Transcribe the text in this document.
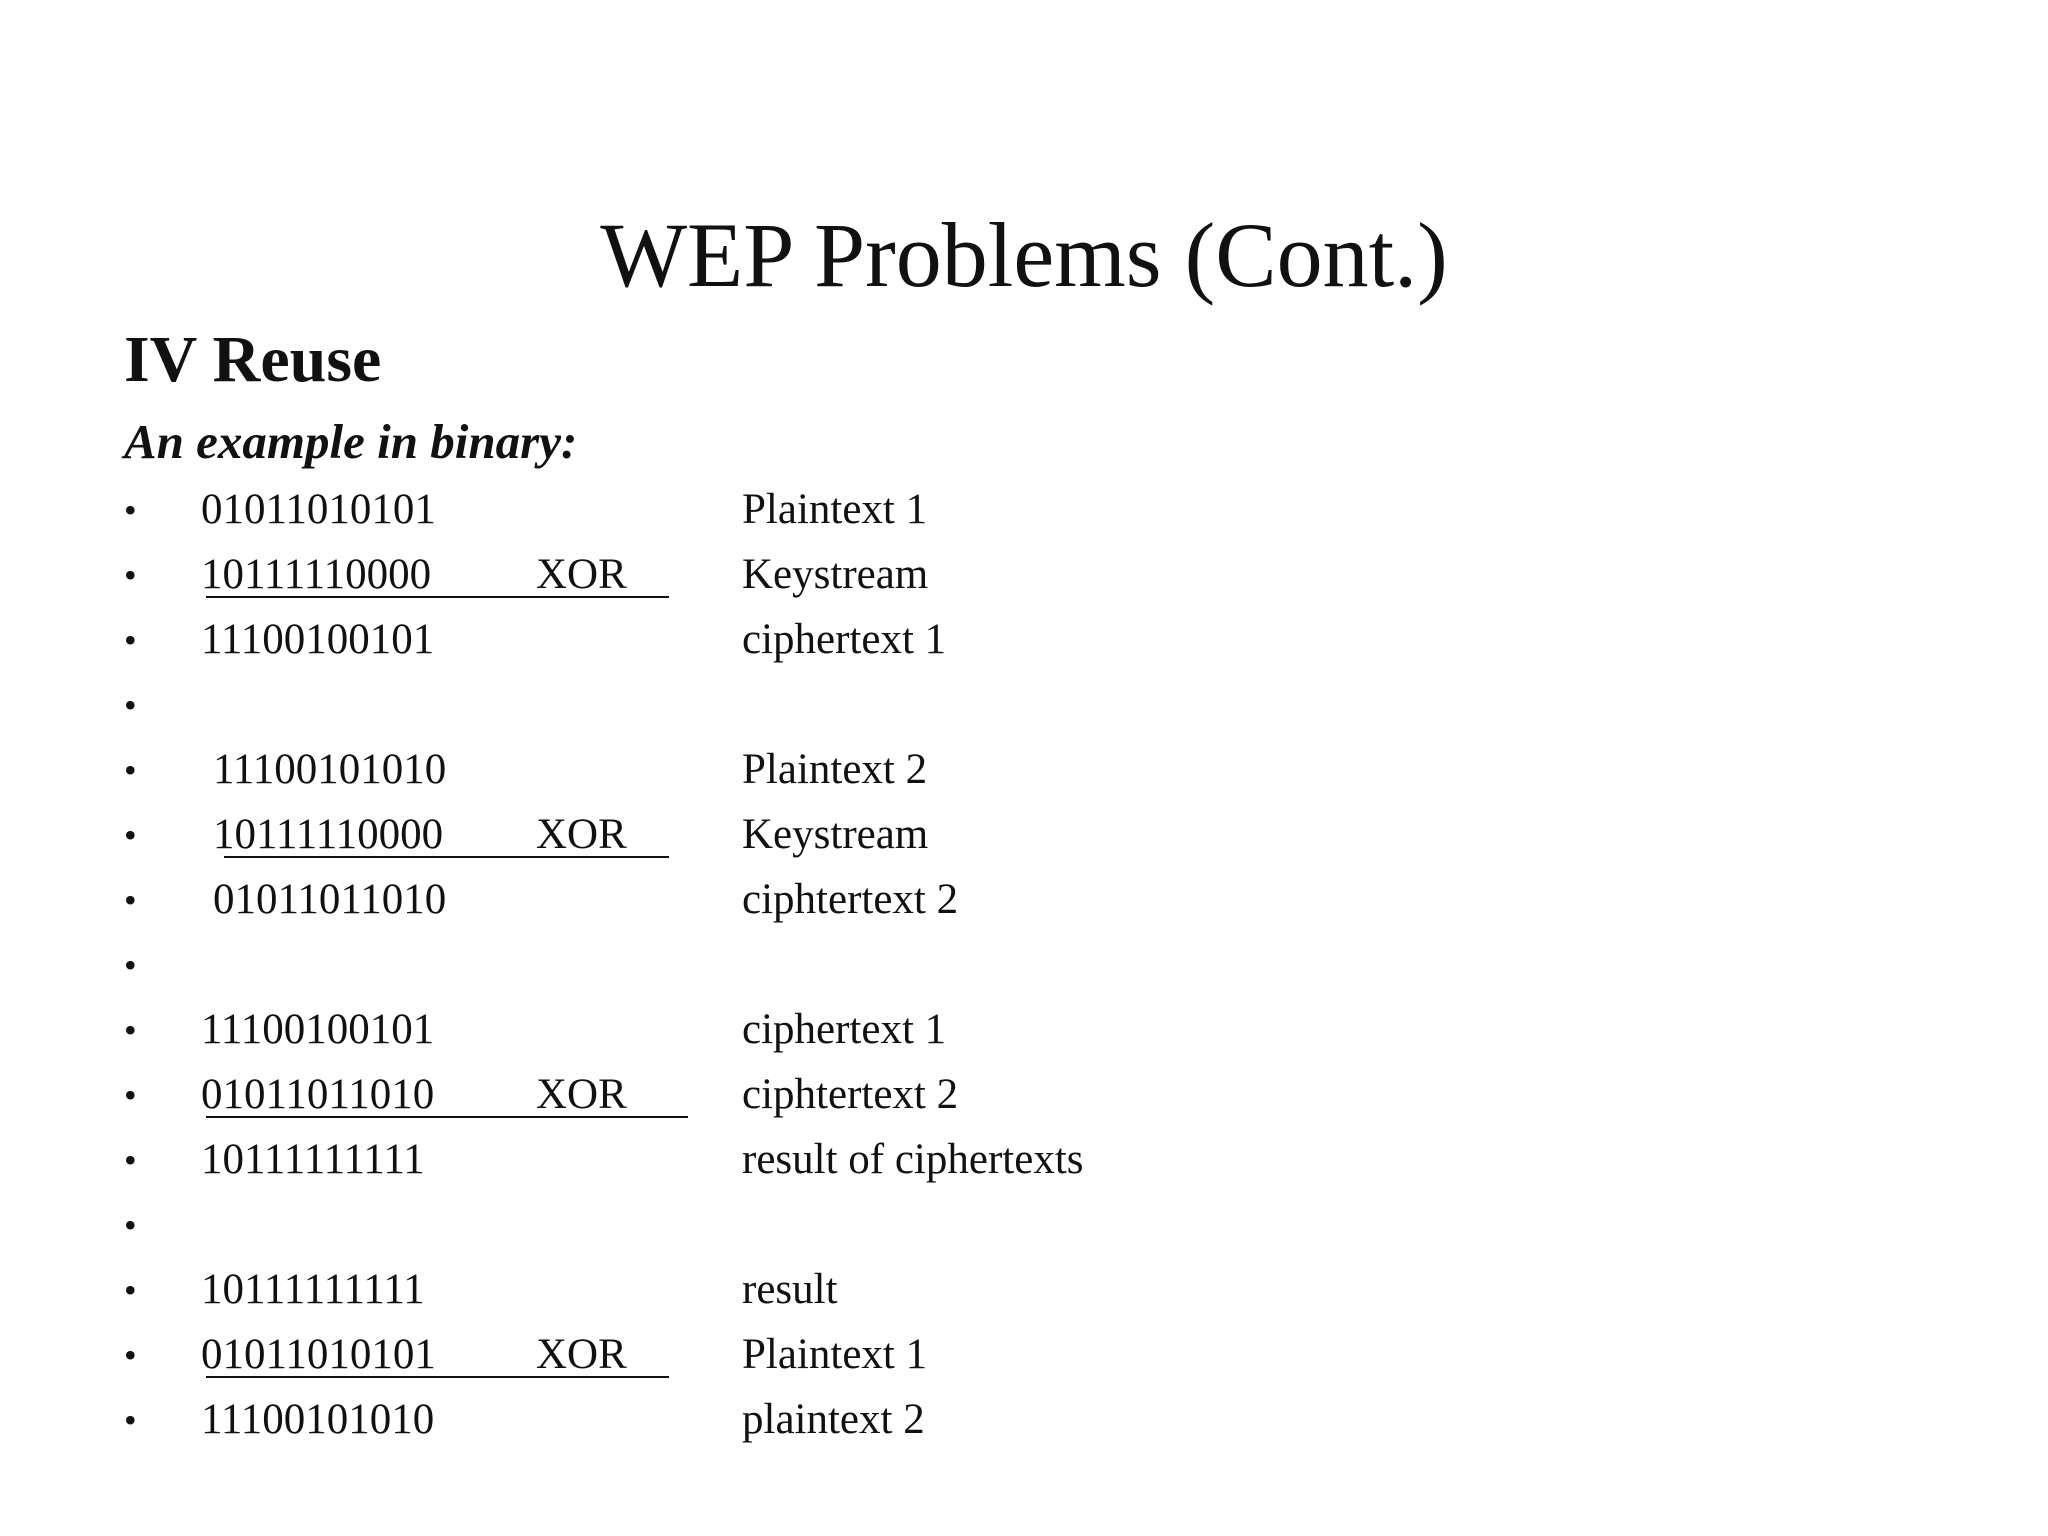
WEP Problems (Cont.)
IV Reuse
An example in binary:
• 01011010101	Plaintext 1
• 10111110000 XOR	Keystream
• 11100100101	ciphertext 1
•
• 11100101010	Plaintext 2
• 10111110000 XOR	Keystream
• 01011011010	ciphtertext 2
•
• 11100100101	ciphertext 1
• 01011011010 XOR	ciphtertext 2
• 10111111111	result of ciphertexts
•
• 10111111111	result
• 01011010101 XOR	Plaintext 1
• 11100101010	plaintext 2
